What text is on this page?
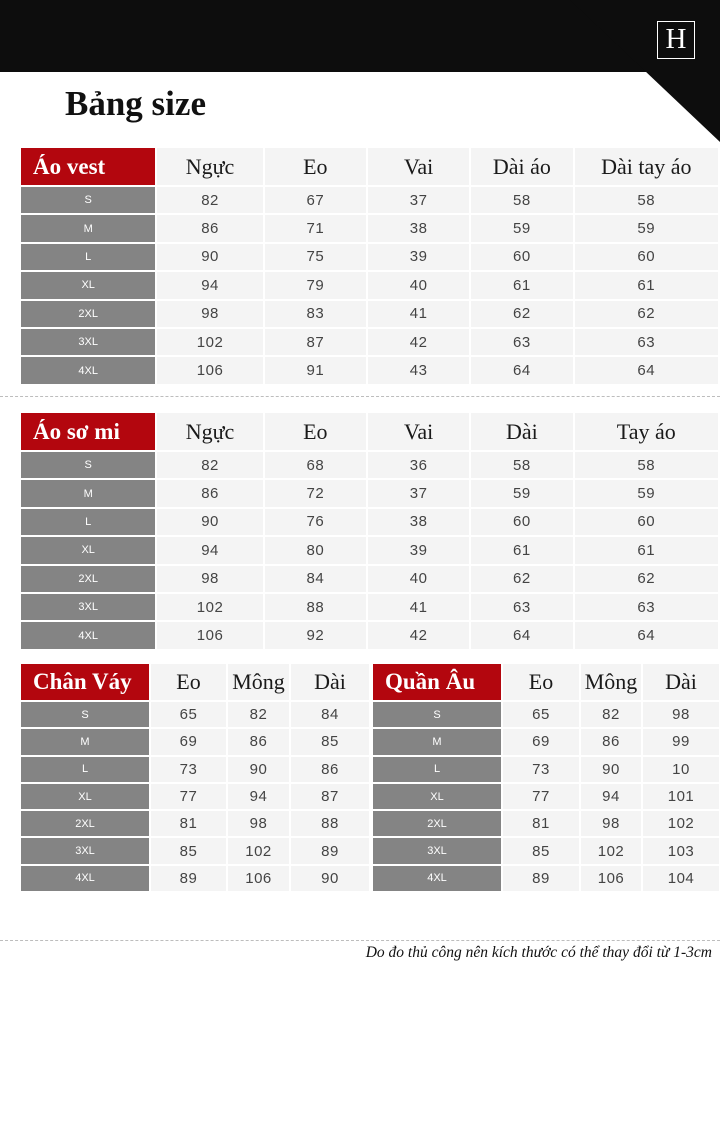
H
Bảng size
Áo vest	Ngực	Eo	Vai	Dài áo	Dài tay áo
S	82	67	37	58	58
M	86	71	38	59	59
L	90	75	39	60	60
XL	94	79	40	61	61
2XL	98	83	41	62	62
3XL	102	87	42	63	63
4XL	106	91	43	64	64
Áo sơ mi	Ngực	Eo	Vai	Dài	Tay áo
S	82	68	36	58	58
M	86	72	37	59	59
L	90	76	38	60	60
XL	94	80	39	61	61
2XL	98	84	40	62	62
3XL	102	88	41	63	63
4XL	106	92	42	64	64
Chân Váy	Eo	Mông	Dài
S	65	82	84
M	69	86	85
L	73	90	86
XL	77	94	87
2XL	81	98	88
3XL	85	102	89
4XL	89	106	90
Quần Âu	Eo	Mông	Dài
S	65	82	98
M	69	86	99
L	73	90	10
XL	77	94	101
2XL	81	98	102
3XL	85	102	103
4XL	89	106	104
Do đo thủ công nên kích thước có thể thay đổi từ 1-3cm
